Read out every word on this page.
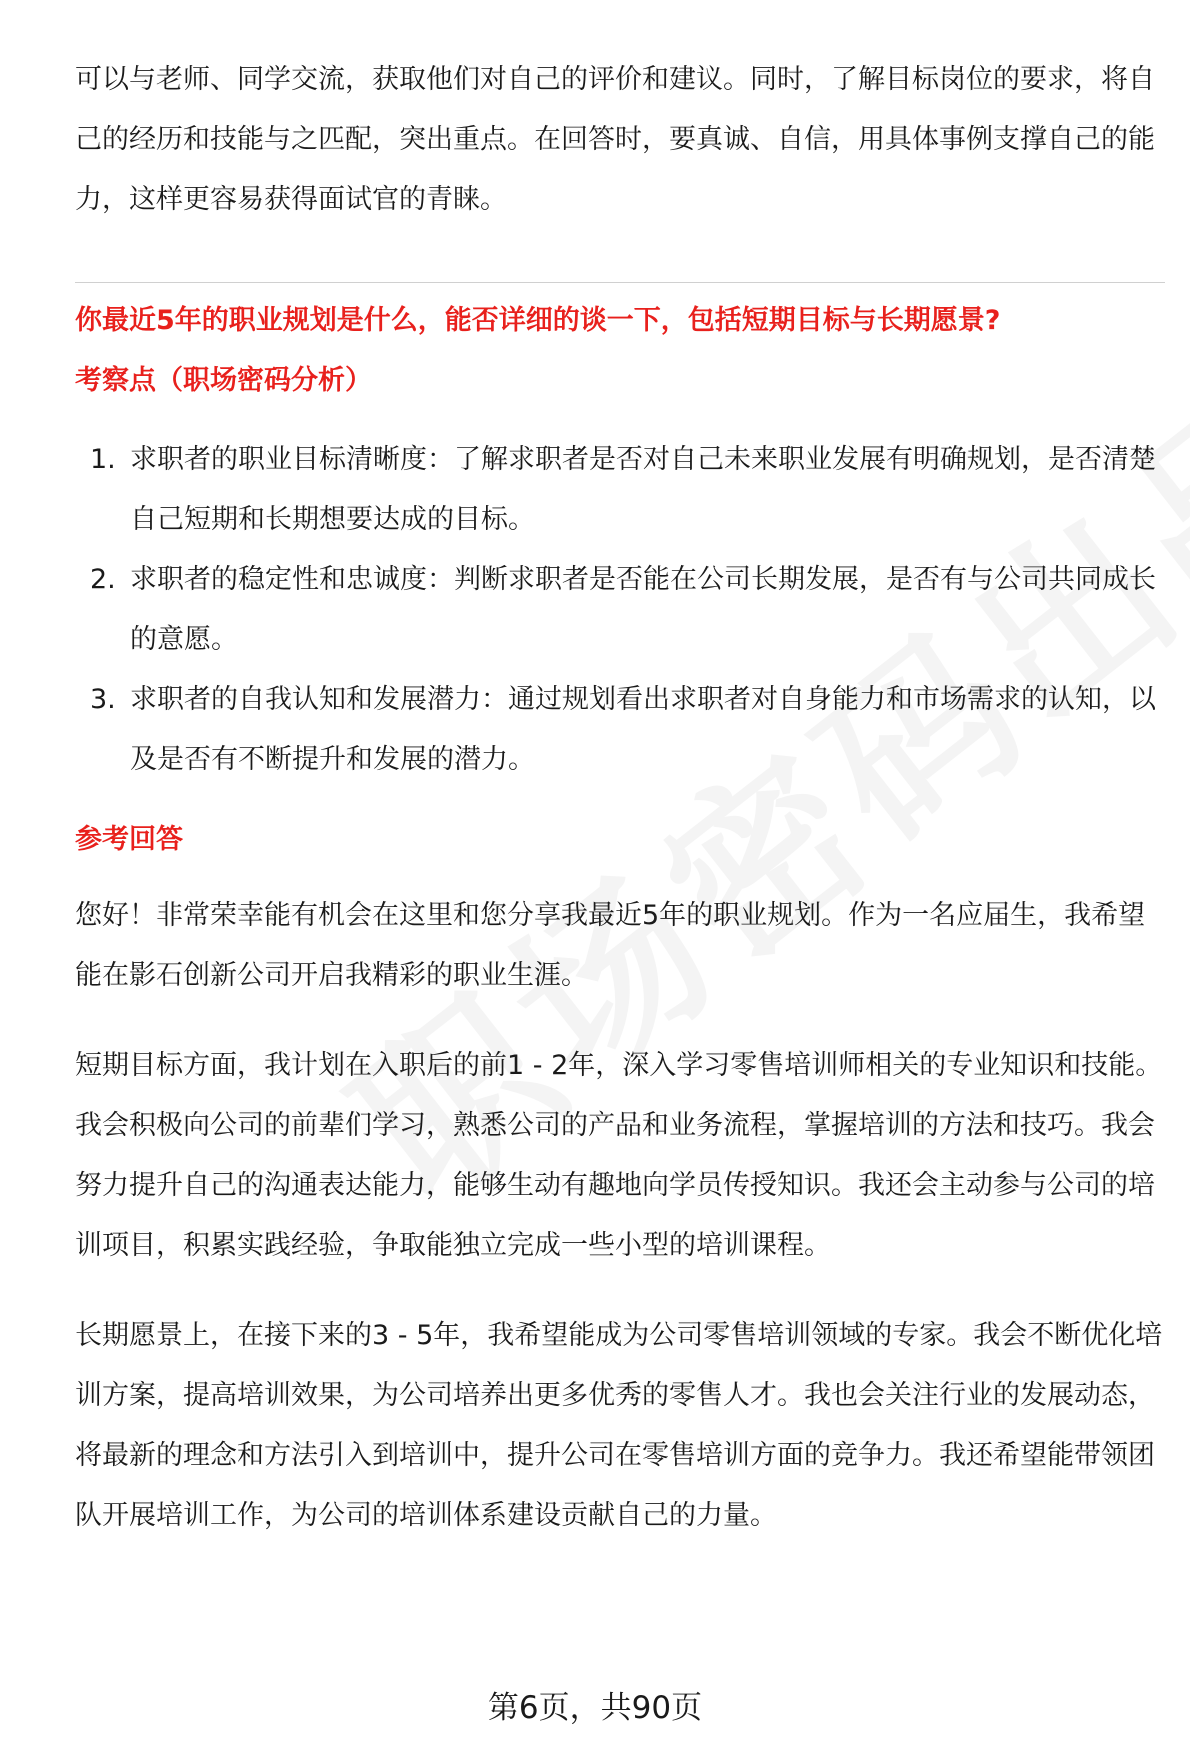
可以与老师、同学交流，获取他们对自己的评价和建议。同时，了解目标岗位的要求，将自己的经历和技能与之匹配，突出重点。在回答时，要真诚、自信，用具体事例支撑自己的能力，这样更容易获得面试官的青睐。

你最近5年的职业规划是什么，能否详细的谈一下，包括短期目标与长期愿景?

考察点（职场密码分析）

1. 求职者的职业目标清晰度：了解求职者是否对自己未来职业发展有明确规划，是否清楚自己短期和长期想要达成的目标。

2. 求职者的稳定性和忠诚度：判断求职者是否能在公司长期发展，是否有与公司共同成长的意愿。

3. 求职者的自我认知和发展潜力：通过规划看出求职者对自身能力和市场需求的认知，以及是否有不断提升和发展的潜力。

参考回答

您好！非常荣幸能有机会在这里和您分享我最近5年的职业规划。作为一名应届生，我希望能在影石创新公司开启我精彩的职业生涯。

短期目标方面，我计划在入职后的前1 - 2年，深入学习零售培训师相关的专业知识和技能。我会积极向公司的前辈们学习，熟悉公司的产品和业务流程，掌握培训的方法和技巧。我会努力提升自己的沟通表达能力，能够生动有趣地向学员传授知识。我还会主动参与公司的培训项目，积累实践经验，争取能独立完成一些小型的培训课程。

长期愿景上，在接下来的3 - 5年，我希望能成为公司零售培训领域的专家。我会不断优化培训方案，提高培训效果，为公司培养出更多优秀的零售人才。我也会关注行业的发展动态，将最新的理念和方法引入到培训中，提升公司在零售培训方面的竞争力。我还希望能带领团队开展培训工作，为公司的培训体系建设贡献自己的力量。

第6页，共90页
